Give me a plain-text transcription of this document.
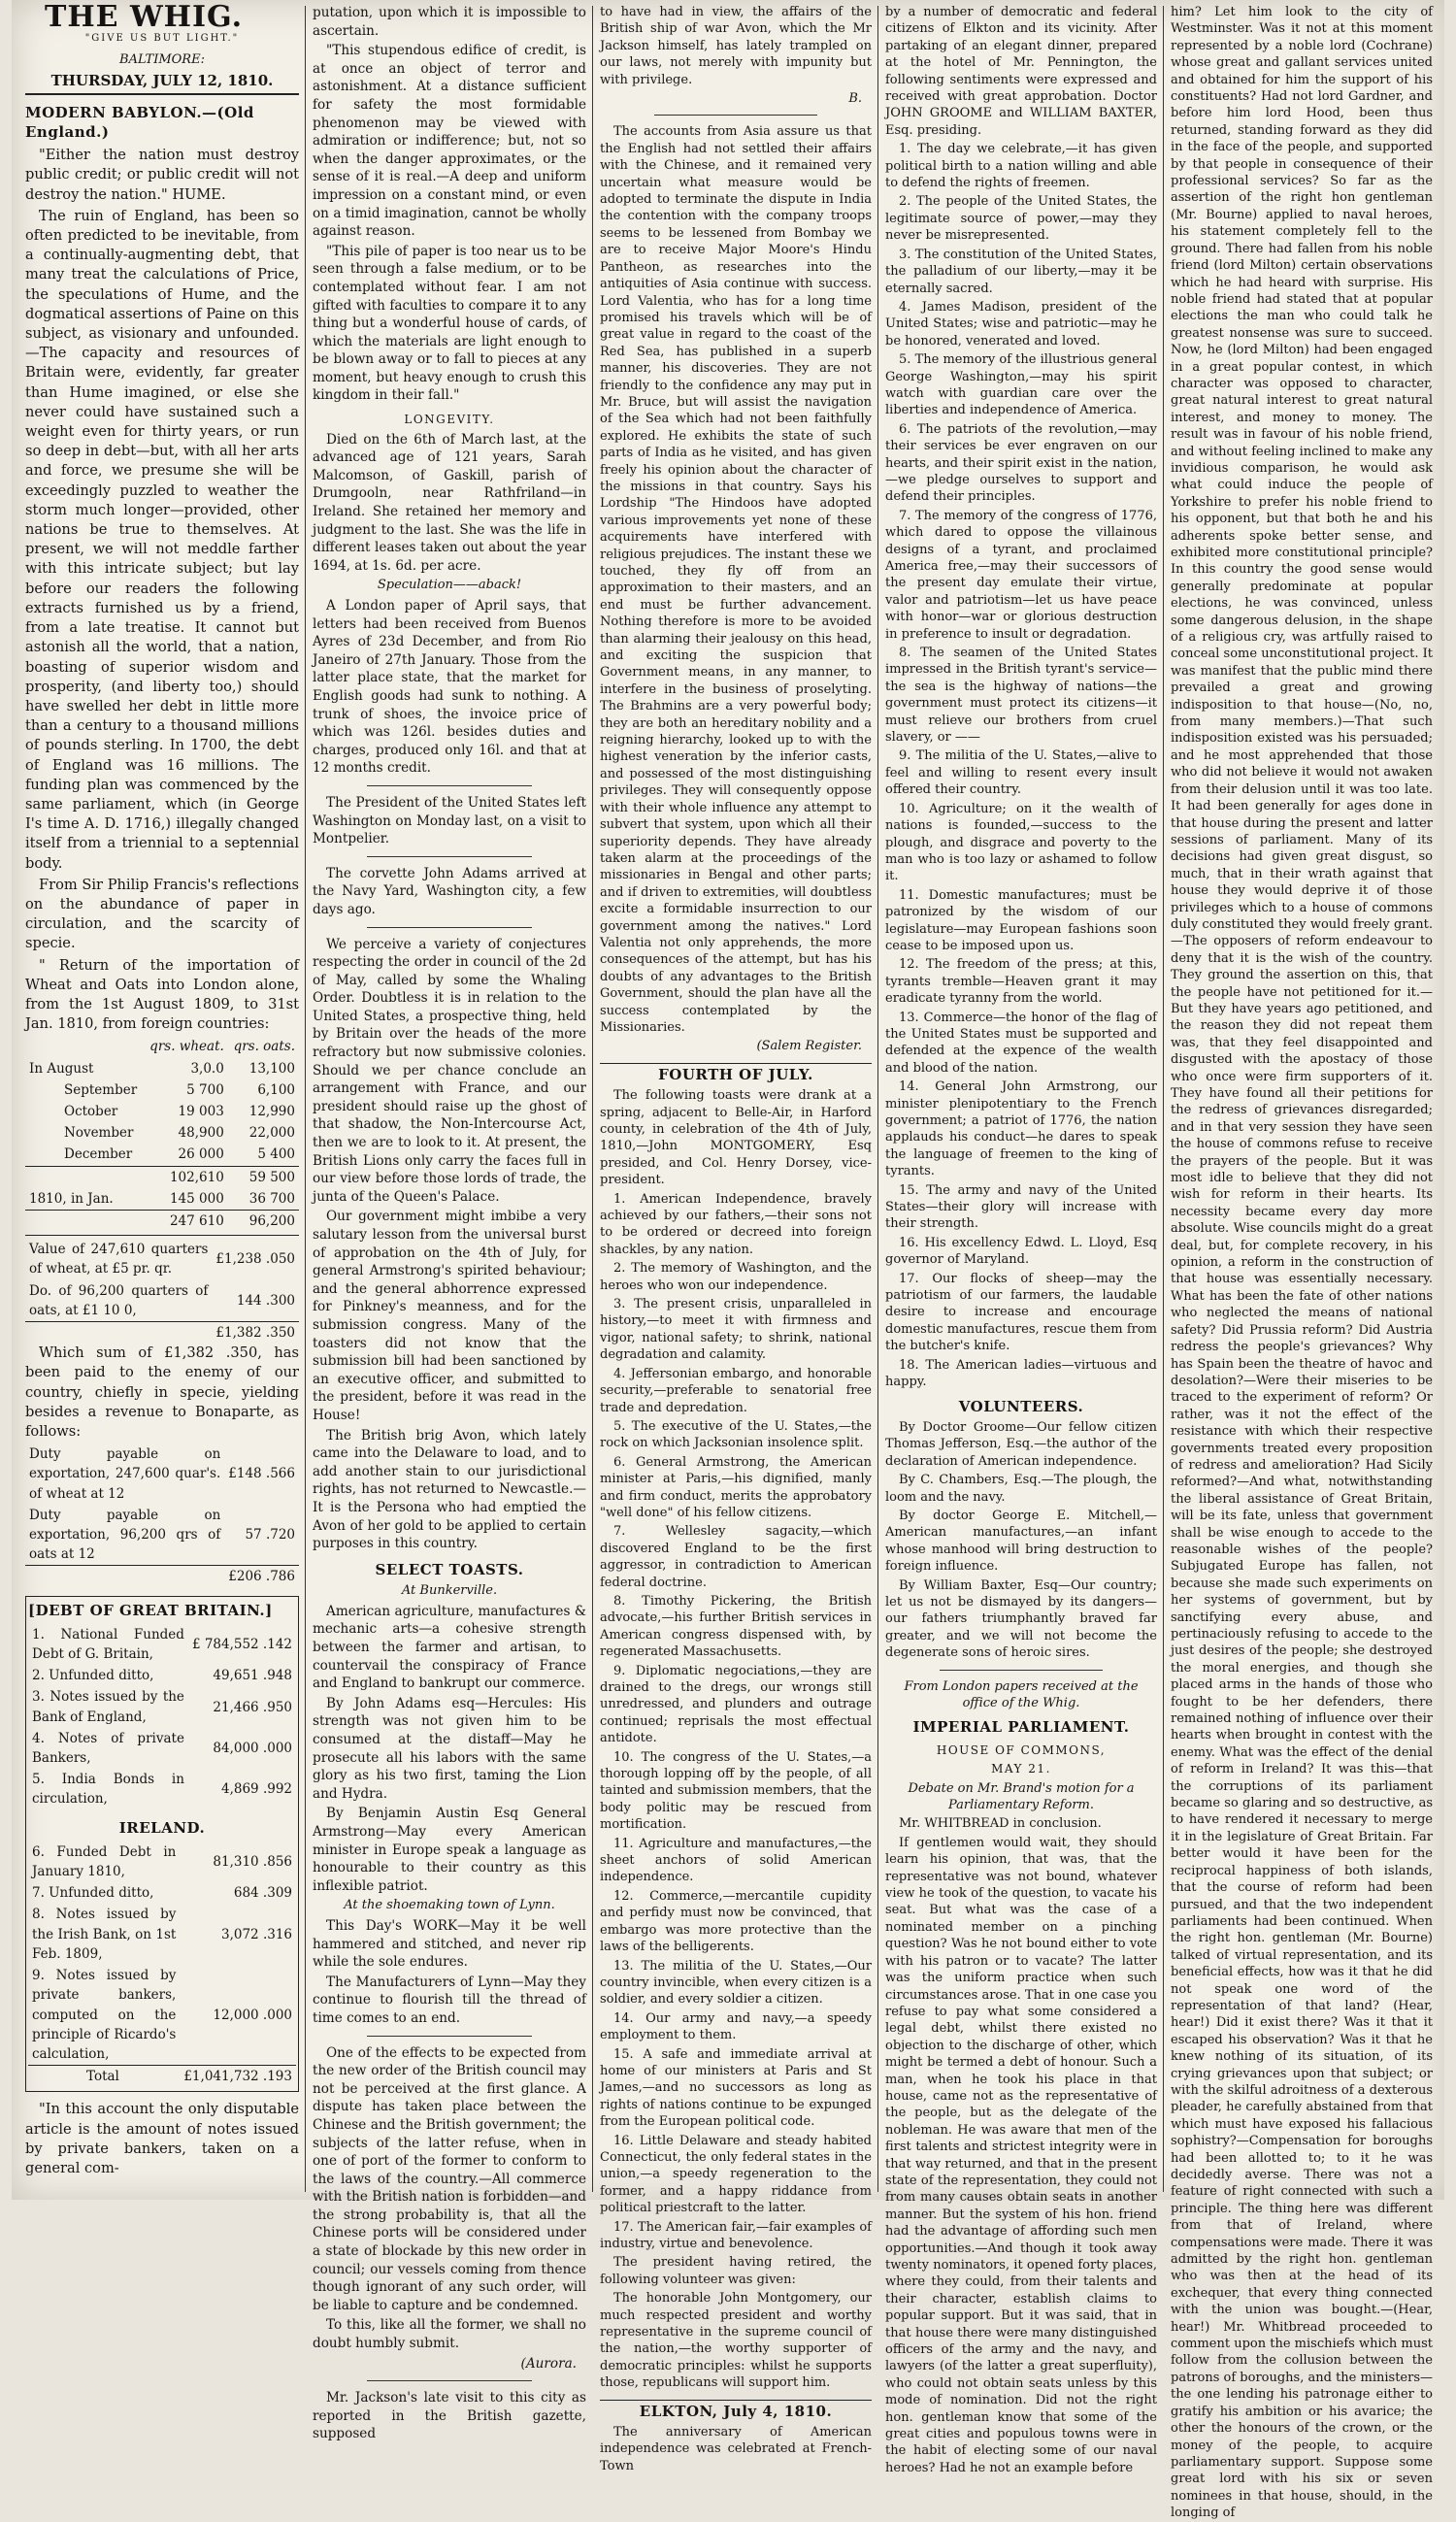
THE WHIG.
"GIVE US BUT LIGHT."
BALTIMORE:
THURSDAY, JULY 12, 1810.
MODERN BABYLON.—(Old England.)

"Either the nation must destroy public credit; or public credit will not destroy the nation." HUME.

The ruin of England, has been so often predicted to be inevitable, from a continually-augmenting debt, that many treat the calculations of Price, the speculations of Hume, and the dogmatical assertions of Paine on this subject, as visionary and unfounded.—The capacity and resources of Britain were, evidently, far greater than Hume imagined, or else she never could have sustained such a weight even for thirty years, or run so deep in debt—but, with all her arts and force, we presume she will be exceedingly puzzled to weather the storm much longer—provided, other nations be true to themselves. At present, we will not meddle farther with this intricate subject; but lay before our readers the following extracts furnished us by a friend, from a late treatise. It cannot but astonish all the world, that a nation, boasting of superior wisdom and prosperity, (and liberty too,) should have swelled her debt in little more than a century to a thousand millions of pounds sterling. In 1700, the debt of England was 16 millions. The funding plan was commenced by the same parliament, which (in George I's time A. D. 1716,) illegally changed itself from a triennial to a septennial body.

From Sir Philip Francis's reflections on the abundance of paper in circulation, and the scarcity of specie.

" Return of the importation of Wheat and Oats into London alone, from the 1st August 1809, to 31st Jan. 1810, from foreign countries:

	qrs. wheat.	qrs. oats.
In August	3,0.0	13,100
September	5 700	6,100
October	19 003	12,990
November	48,900	22,000
December	26 000	5 400
	102,610	59 500
1810, in Jan.	145 000	36 700
	247 610	96,200
Value of 247,610 quarters of wheat, at £5 pr. qr.	£1,238 .050
Do. of 96,200 quarters of oats, at £1 10 0,	144 .300
	£1,382 .350

Which sum of £1,382 .350, has been paid to the enemy of our country, chiefly in specie, yielding besides a revenue to Bonaparte, as follows:

Duty payable on exportation, 247,600 quar's. of wheat at 12	£148 .566
Duty payable on exportation, 96,200 qrs of oats at 12	57 .720
	£206 .786
[DEBT OF GREAT BRITAIN.]
1. National Funded Debt of G. Britain,	£ 784,552 .142
2. Unfunded ditto,	49,651 .948
3. Notes issued by the Bank of England,	21,466 .950
4. Notes of private Bankers,	84,000 .000
5. India Bonds in circulation,	4,869 .992
IRELAND.
6. Funded Debt in January 1810,	81,310 .856
7. Unfunded ditto,	684 .309
8. Notes issued by the Irish Bank, on 1st Feb. 1809,	3,072 .316
9. Notes issued by private bankers, computed on the principle of Ricardo's calculation,	12,000 .000
Total	£1,041,732 .193

"In this account the only disputable article is the amount of notes issued by private bankers, taken on a general com-

putation, upon which it is impossible to ascertain.

"This stupendous edifice of credit, is at once an object of terror and astonishment. At a distance sufficient for safety the most formidable phenomenon may be viewed with admiration or indifference; but, not so when the danger approximates, or the sense of it is real.—A deep and uniform impression on a constant mind, or even on a timid imagination, cannot be wholly against reason.

"This pile of paper is too near us to be seen through a false medium, or to be contemplated without fear. I am not gifted with faculties to compare it to any thing but a wonderful house of cards, of which the materials are light enough to be blown away or to fall to pieces at any moment, but heavy enough to crush this kingdom in their fall."

LONGEVITY.

Died on the 6th of March last, at the advanced age of 121 years, Sarah Malcomson, of Gaskill, parish of Drumgooln, near Rathfriland—in Ireland. She retained her memory and judgment to the last. She was the life in different leases taken out about the year 1694, at 1s. 6d. per acre.

Speculation——aback!

A London paper of April says, that letters had been received from Buenos Ayres of 23d December, and from Rio Janeiro of 27th January. Those from the latter place state, that the market for English goods had sunk to nothing. A trunk of shoes, the invoice price of which was 126l. besides duties and charges, produced only 16l. and that at 12 months credit.

The President of the United States left Washington on Monday last, on a visit to Montpelier.

The corvette John Adams arrived at the Navy Yard, Washington city, a few days ago.

We perceive a variety of conjectures respecting the order in council of the 2d of May, called by some the Whaling Order. Doubtless it is in relation to the United States, a prospective thing, held by Britain over the heads of the more refractory but now submissive colonies. Should we per chance conclude an arrangement with France, and our president should raise up the ghost of that shadow, the Non-Intercourse Act, then we are to look to it. At present, the British Lions only carry the faces full in our view before those lords of trade, the junta of the Queen's Palace.

Our government might imbibe a very salutary lesson from the universal burst of approbation on the 4th of July, for general Armstrong's spirited behaviour; and the general abhorrence expressed for Pinkney's meanness, and for the submission congress. Many of the toasters did not know that the submission bill had been sanctioned by an executive officer, and submitted to the president, before it was read in the House!

The British brig Avon, which lately came into the Delaware to load, and to add another stain to our jurisdictional rights, has not returned to Newcastle.—It is the Persona who had emptied the Avon of her gold to be applied to certain purposes in this country.

SELECT TOASTS.
At Bunkerville.

American agriculture, manufactures & mechanic arts—a cohesive strength between the farmer and artisan, to countervail the conspiracy of France and England to bankrupt our commerce.

By John Adams esq—Hercules: His strength was not given him to be consumed at the distaff—May he prosecute all his labors with the same glory as his two first, taming the Lion and Hydra.

By Benjamin Austin Esq General Armstrong—May every American minister in Europe speak a language as honourable to their country as this inflexible patriot.

At the shoemaking town of Lynn.

This Day's WORK—May it be well hammered and stitched, and never rip while the sole endures.

The Manufacturers of Lynn—May they continue to flourish till the thread of time comes to an end.

One of the effects to be expected from the new order of the British council may not be perceived at the first glance. A dispute has taken place between the Chinese and the British government; the subjects of the latter refuse, when in one of port of the former to conform to the laws of the country.—All commerce with the British nation is forbidden—and the strong probability is, that all the Chinese ports will be considered under a state of blockade by this new order in council; our vessels coming from thence though ignorant of any such order, will be liable to capture and be condemned.

To this, like all the former, we shall no doubt humbly submit.

(Aurora.

Mr. Jackson's late visit to this city as reported in the British gazette, supposed

to have had in view, the affairs of the British ship of war Avon, which the Mr Jackson himself, has lately trampled on our laws, not merely with impunity but with privilege.

B.

The accounts from Asia assure us that the English had not settled their affairs with the Chinese, and it remained very uncertain what measure would be adopted to terminate the dispute in India the contention with the company troops seems to be lessened from Bombay we are to receive Major Moore's Hindu Pantheon, as researches into the antiquities of Asia continue with success. Lord Valentia, who has for a long time promised his travels which will be of great value in regard to the coast of the Red Sea, has published in a superb manner, his discoveries. They are not friendly to the confidence any may put in Mr. Bruce, but will assist the navigation of the Sea which had not been faithfully explored. He exhibits the state of such parts of India as he visited, and has given freely his opinion about the character of the missions in that country. Says his Lordship "The Hindoos have adopted various improvements yet none of these acquirements have interfered with religious prejudices. The instant these we touched, they fly off from an approximation to their masters, and an end must be further advancement. Nothing therefore is more to be avoided than alarming their jealousy on this head, and exciting the suspicion that Government means, in any manner, to interfere in the business of proselyting. The Brahmins are a very powerful body; they are both an hereditary nobility and a reigning hierarchy, looked up to with the highest veneration by the inferior casts, and possessed of the most distinguishing privileges. They will consequently oppose with their whole influence any attempt to subvert that system, upon which all their superiority depends. They have already taken alarm at the proceedings of the missionaries in Bengal and other parts; and if driven to extremities, will doubtless excite a formidable insurrection to our government among the natives." Lord Valentia not only apprehends, the more consequences of the attempt, but has his doubts of any advantages to the British Government, should the plan have all the success contemplated by the Missionaries.

(Salem Register.
FOURTH OF JULY.

The following toasts were drank at a spring, adjacent to Belle-Air, in Harford county, in celebration of the 4th of July, 1810,—John MONTGOMERY, Esq presided, and Col. Henry Dorsey, vice-president.

1. American Independence, bravely achieved by our fathers,—their sons not to be ordered or decreed into foreign shackles, by any nation.

2. The memory of Washington, and the heroes who won our independence.

3. The present crisis, unparalleled in history,—to meet it with firmness and vigor, national safety; to shrink, national degradation and calamity.

4. Jeffersonian embargo, and honorable security,—preferable to senatorial free trade and depredation.

5. The executive of the U. States,—the rock on which Jacksonian insolence split.

6. General Armstrong, the American minister at Paris,—his dignified, manly and firm conduct, merits the approbatory "well done" of his fellow citizens.

7. Wellesley sagacity,—which discovered England to be the first aggressor, in contradiction to American federal doctrine.

8. Timothy Pickering, the British advocate,—his further British services in American congress dispensed with, by regenerated Massachusetts.

9. Diplomatic negociations,—they are drained to the dregs, our wrongs still unredressed, and plunders and outrage continued; reprisals the most effectual antidote.

10. The congress of the U. States,—a thorough lopping off by the people, of all tainted and submission members, that the body politic may be rescued from mortification.

11. Agriculture and manufactures,—the sheet anchors of solid American independence.

12. Commerce,—mercantile cupidity and perfidy must now be convinced, that embargo was more protective than the laws of the belligerents.

13. The militia of the U. States,—Our country invincible, when every citizen is a soldier, and every soldier a citizen.

14. Our army and navy,—a speedy employment to them.

15. A safe and immediate arrival at home of our ministers at Paris and St James,—and no successors as long as rights of nations continue to be expunged from the European political code.

16. Little Delaware and steady habited Connecticut, the only federal states in the union,—a speedy regeneration to the former, and a happy riddance from political priestcraft to the latter.

17. The American fair,—fair examples of industry, virtue and benevolence.

The president having retired, the following volunteer was given:

The honorable John Montgomery, our much respected president and worthy representative in the supreme council of the nation,—the worthy supporter of democratic principles: whilst he supports those, republicans will support him.

ELKTON, July 4, 1810.

The anniversary of American independence was celebrated at French-Town

by a number of democratic and federal citizens of Elkton and its vicinity. After partaking of an elegant dinner, prepared at the hotel of Mr. Pennington, the following sentiments were expressed and received with great approbation. Doctor JOHN GROOME and WILLIAM BAXTER, Esq. presiding.

1. The day we celebrate,—it has given political birth to a nation willing and able to defend the rights of freemen.

2. The people of the United States, the legitimate source of power,—may they never be misrepresented.

3. The constitution of the United States, the palladium of our liberty,—may it be eternally sacred.

4. James Madison, president of the United States; wise and patriotic—may he be honored, venerated and loved.

5. The memory of the illustrious general George Washington,—may his spirit watch with guardian care over the liberties and independence of America.

6. The patriots of the revolution,—may their services be ever engraven on our hearts, and their spirit exist in the nation,—we pledge ourselves to support and defend their principles.

7. The memory of the congress of 1776, which dared to oppose the villainous designs of a tyrant, and proclaimed America free,—may their successors of the present day emulate their virtue, valor and patriotism—let us have peace with honor—war or glorious destruction in preference to insult or degradation.

8. The seamen of the United States impressed in the British tyrant's service—the sea is the highway of nations—the government must protect its citizens—it must relieve our brothers from cruel slavery, or ——

9. The militia of the U. States,—alive to feel and willing to resent every insult offered their country.

10. Agriculture; on it the wealth of nations is founded,—success to the plough, and disgrace and poverty to the man who is too lazy or ashamed to follow it.

11. Domestic manufactures; must be patronized by the wisdom of our legislature—may European fashions soon cease to be imposed upon us.

12. The freedom of the press; at this, tyrants tremble—Heaven grant it may eradicate tyranny from the world.

13. Commerce—the honor of the flag of the United States must be supported and defended at the expence of the wealth and blood of the nation.

14. General John Armstrong, our minister plenipotentiary to the French government; a patriot of 1776, the nation applauds his conduct—he dares to speak the language of freemen to the king of tyrants.

15. The army and navy of the United States—their glory will increase with their strength.

16. His excellency Edwd. L. Lloyd, Esq governor of Maryland.

17. Our flocks of sheep—may the patriotism of our farmers, the laudable desire to increase and encourage domestic manufactures, rescue them from the butcher's knife.

18. The American ladies—virtuous and happy.

VOLUNTEERS.

By Doctor Groome—Our fellow citizen Thomas Jefferson, Esq.—the author of the declaration of American independence.

By C. Chambers, Esq.—The plough, the loom and the navy.

By doctor George E. Mitchell,—American manufactures,—an infant whose manhood will bring destruction to foreign influence.

By William Baxter, Esq—Our country; let us not be dismayed by its dangers—our fathers triumphantly braved far greater, and we will not become the degenerate sons of heroic sires.

From London papers received at the office of the Whig.
IMPERIAL PARLIAMENT.
HOUSE OF COMMONS,
MAY 21.
Debate on Mr. Brand's motion for a Parliamentary Reform.

Mr. WHITBREAD in conclusion.

If gentlemen would wait, they should learn his opinion, that was, that the representative was not bound, whatever view he took of the question, to vacate his seat. But what was the case of a nominated member on a pinching question? Was he not bound either to vote with his patron or to vacate? The latter was the uniform practice when such circumstances arose. That in one case you refuse to pay what some considered a legal debt, whilst there existed no objection to the discharge of other, which might be termed a debt of honour. Such a man, when he took his place in that house, came not as the representative of the people, but as the delegate of the nobleman. He was aware that men of the first talents and strictest integrity were in that way returned, and that in the present state of the representation, they could not from many causes obtain seats in another manner. But the system of his hon. friend had the advantage of affording such men opportunities.—And though it took away twenty nominators, it opened forty places, where they could, from their talents and their character, establish claims to popular support. But it was said, that in that house there were many distinguished officers of the army and the navy, and lawyers (of the latter a great superfluity), who could not obtain seats unless by this mode of nomination. Did not the right hon. gentleman know that some of the great cities and populous towns were in the habit of electing some of our naval heroes? Had he not an example before

him? Let him look to the city of Westminster. Was it not at this moment represented by a noble lord (Cochrane) whose great and gallant services united and obtained for him the support of his constituents? Had not lord Gardner, and before him lord Hood, been thus returned, standing forward as they did in the face of the people, and supported by that people in consequence of their professional services? So far as the assertion of the right hon gentleman (Mr. Bourne) applied to naval heroes, his statement completely fell to the ground. There had fallen from his noble friend (lord Milton) certain observations which he had heard with surprise. His noble friend had stated that at popular elections the man who could talk he greatest nonsense was sure to succeed. Now, he (lord Milton) had been engaged in a great popular contest, in which character was opposed to character, great natural interest to great natural interest, and money to money. The result was in favour of his noble friend, and without feeling inclined to make any invidious comparison, he would ask what could induce the people of Yorkshire to prefer his noble friend to his opponent, but that both he and his adherents spoke better sense, and exhibited more constitutional principle? In this country the good sense would generally predominate at popular elections, he was convinced, unless some dangerous delusion, in the shape of a religious cry, was artfully raised to conceal some unconstitutional project. It was manifest that the public mind there prevailed a great and growing indisposition to that house—(No, no, from many members.)—That such indisposition existed was his persuaded; and he most apprehended that those who did not believe it would not awaken from their delusion until it was too late. It had been generally for ages done in that house during the present and latter sessions of parliament. Many of its decisions had given great disgust, so much, that in their wrath against that house they would deprive it of those privileges which to a house of commons duly constituted they would freely grant.—The opposers of reform endeavour to deny that it is the wish of the country. They ground the assertion on this, that the people have not petitioned for it.—But they have years ago petitioned, and the reason they did not repeat them was, that they feel disappointed and disgusted with the apostacy of those who once were firm supporters of it. They have found all their petitions for the redress of grievances disregarded; and in that very session they have seen the house of commons refuse to receive the prayers of the people. But it was most idle to believe that they did not wish for reform in their hearts. Its necessity became every day more absolute. Wise councils might do a great deal, but, for complete recovery, in his opinion, a reform in the construction of that house was essentially necessary. What has been the fate of other nations who neglected the means of national safety? Did Prussia reform? Did Austria redress the people's grievances? Why has Spain been the theatre of havoc and desolation?—Were their miseries to be traced to the experiment of reform? Or rather, was it not the effect of the resistance with which their respective governments treated every proposition of redress and amelioration? Had Sicily reformed?—And what, notwithstanding the liberal assistance of Great Britain, will be its fate, unless that government shall be wise enough to accede to the reasonable wishes of the people? Subjugated Europe has fallen, not because she made such experiments on her systems of government, but by sanctifying every abuse, and pertinaciously refusing to accede to the just desires of the people; she destroyed the moral energies, and though she placed arms in the hands of those who fought to be her defenders, there remained nothing of influence over their hearts when brought in contest with the enemy. What was the effect of the denial of reform in Ireland? It was this—that the corruptions of its parliament became so glaring and so destructive, as to have rendered it necessary to merge it in the legislature of Great Britain. Far better would it have been for the reciprocal happiness of both islands, that the course of reform had been pursued, and that the two independent parliaments had been continued. When the right hon. gentleman (Mr. Bourne) talked of virtual representation, and its beneficial effects, how was it that he did not speak one word of the representation of that land? (Hear, hear!) Did it exist there? Was it that it escaped his observation? Was it that he knew nothing of its situation, of its crying grievances upon that subject; or with the skilful adroitness of a dexterous pleader, he carefully abstained from that which must have exposed his fallacious sophistry?—Compensation for boroughs had been allotted to; to it he was decidedly averse. There was not a feature of right connected with such a principle. The thing here was different from that of Ireland, where compensations were made. There it was admitted by the right hon. gentleman who was then at the head of its exchequer, that every thing connected with the union was bought.—(Hear, hear!) Mr. Whitbread proceeded to comment upon the mischiefs which must follow from the collusion between the patrons of boroughs, and the ministers—the one lending his patronage either to gratify his ambition or his avarice; the other the honours of the crown, or the money of the people, to acquire parliamentary support. Suppose some great lord with his six or seven nominees in that house, should, in the longing of
